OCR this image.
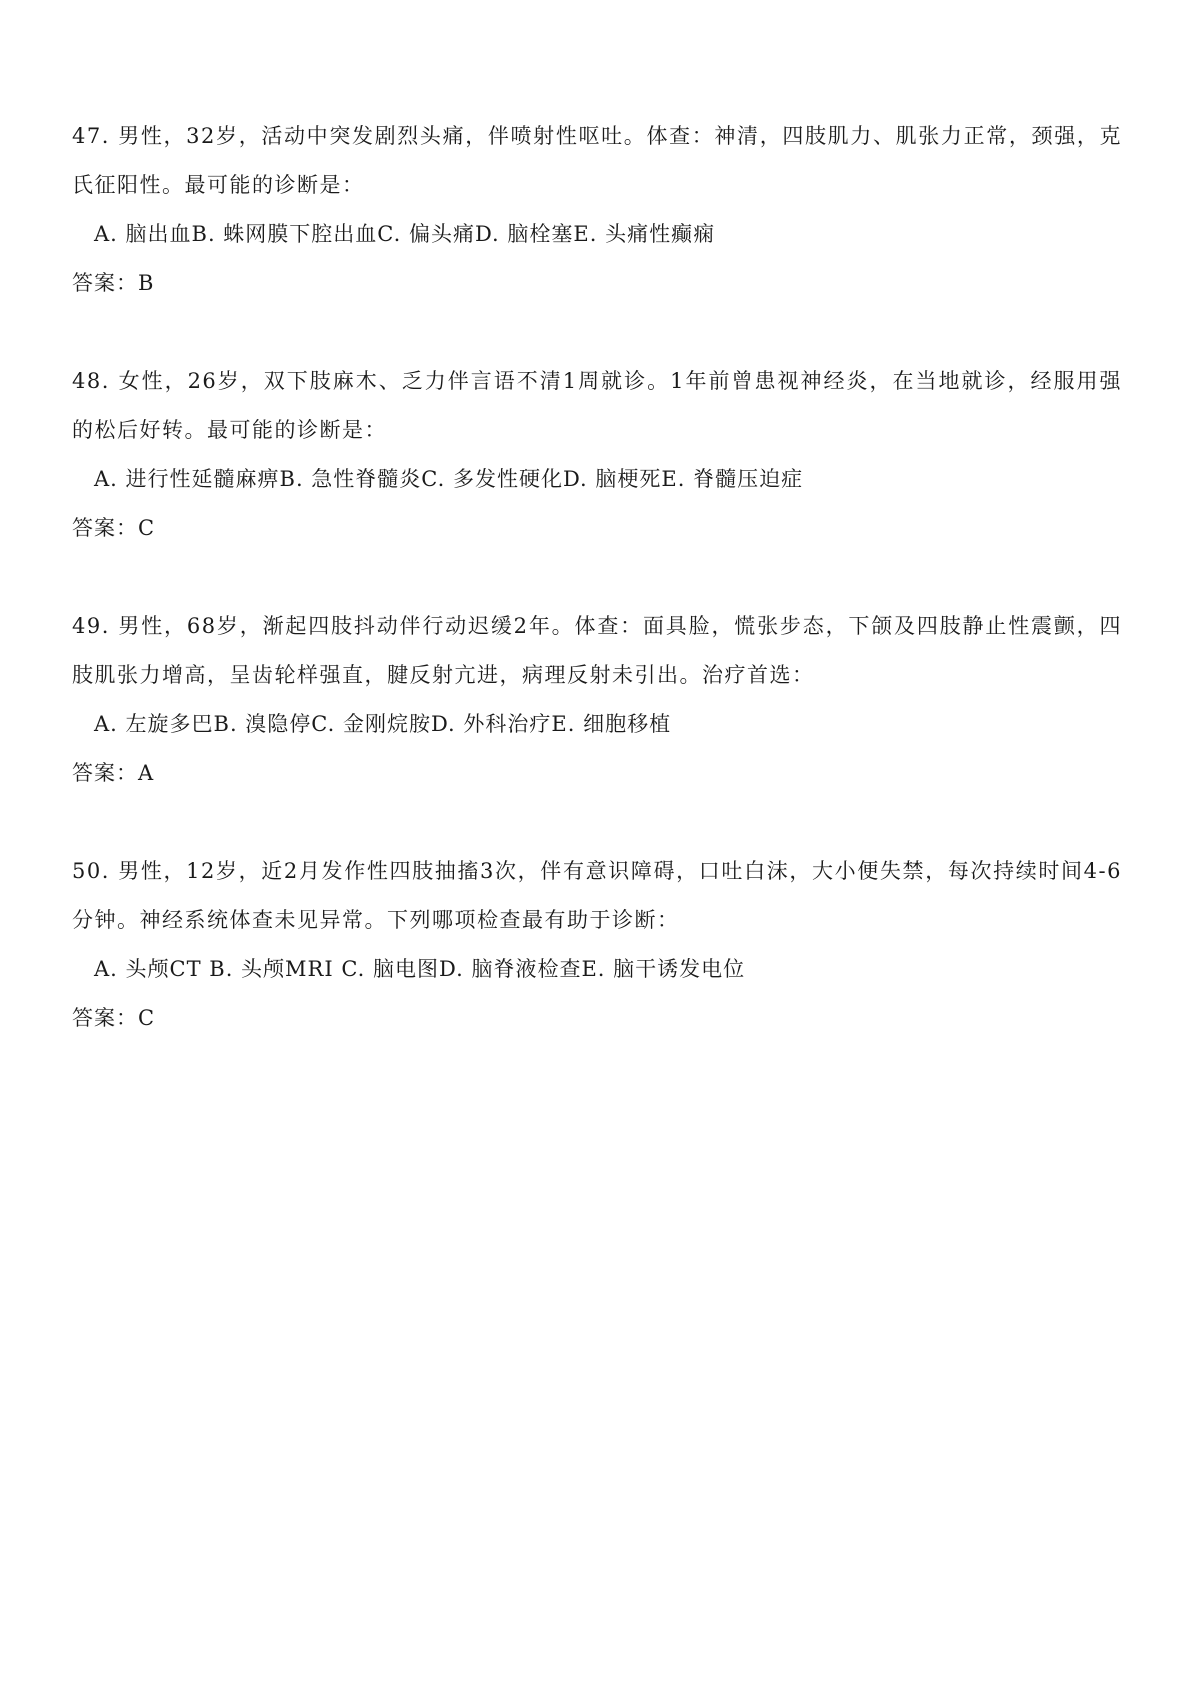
47. 男性，32岁，活动中突发剧烈头痛，伴喷射性呕吐。体查：神清，四肢肌力、肌张力正常，颈强，克氏征阳性。最可能的诊断是：

A. 脑出血B. 蛛网膜下腔出血C. 偏头痛D. 脑栓塞E. 头痛性癫痫

答案：B

48. 女性，26岁，双下肢麻木、乏力伴言语不清1周就诊。1年前曾患视神经炎，在当地就诊，经服用强的松后好转。最可能的诊断是：

A. 进行性延髓麻痹B. 急性脊髓炎C. 多发性硬化D. 脑梗死E. 脊髓压迫症

答案：C

49. 男性，68岁，渐起四肢抖动伴行动迟缓2年。体查：面具脸，慌张步态，下颌及四肢静止性震颤，四肢肌张力增高，呈齿轮样强直，腱反射亢进，病理反射未引出。治疗首选：

A. 左旋多巴B. 溴隐停C. 金刚烷胺D. 外科治疗E. 细胞移植

答案：A

50. 男性，12岁，近2月发作性四肢抽搐3次，伴有意识障碍，口吐白沫，大小便失禁，每次持续时间4-6分钟。神经系统体查未见异常。下列哪项检查最有助于诊断：

A. 头颅CT B. 头颅MRI C. 脑电图D. 脑脊液检查E. 脑干诱发电位

答案：C
